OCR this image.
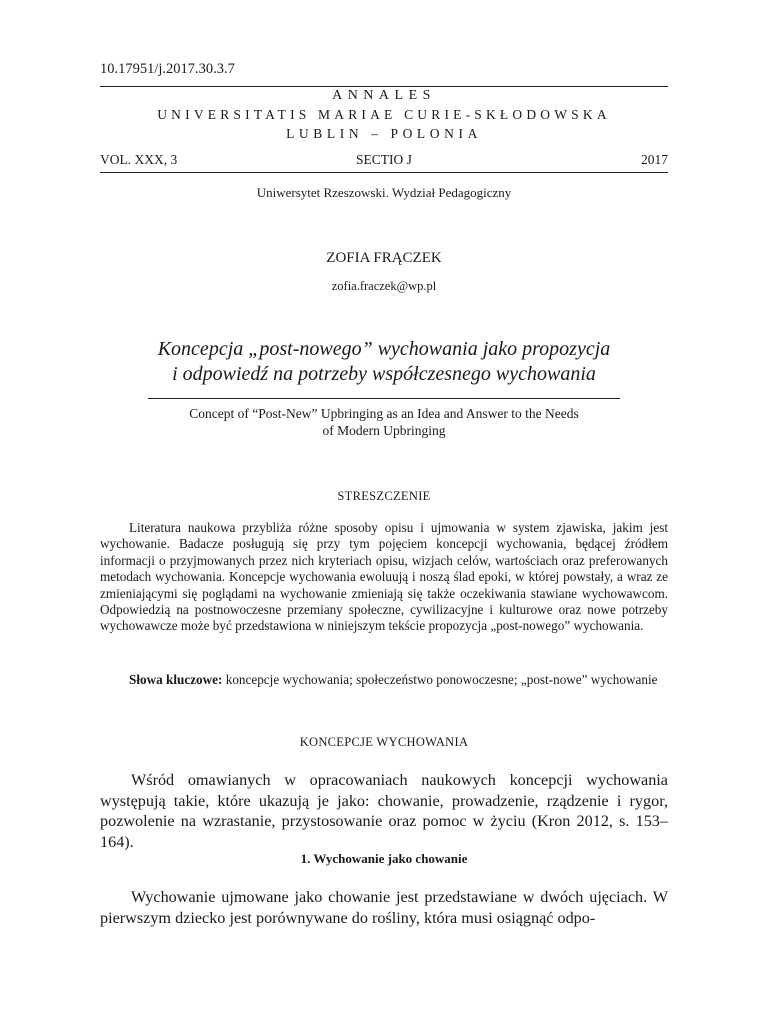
10.17951/j.2017.30.3.7
ANNALES
UNIVERSITATIS MARIAE CURIE-SKŁODOWSKA
LUBLIN – POLONIA
SECTIO J
VOL. XXX, 3	2017
Uniwersytet Rzeszowski. Wydział Pedagogiczny
ZOFIA FRĄCZEK
zofia.fraczek@wp.pl
Koncepcja „post-nowego” wychowania jako propozycja
i odpowiedź na potrzeby współczesnego wychowania
Concept of “Post-New” Upbringing as an Idea and Answer to the Needs
of Modern Upbringing
STRESZCZENIE

Literatura naukowa przybliża różne sposoby opisu i ujmowania w system zjawiska, jakim jest wychowanie. Badacze posługują się przy tym pojęciem koncepcji wychowania, będącej źródłem informacji o przyjmowanych przez nich kryteriach opisu, wizjach celów, wartościach oraz preferowanych metodach wychowania. Koncepcje wychowania ewoluują i noszą ślad epoki, w której powstały, a wraz ze zmieniającymi się poglądami na wychowanie zmieniają się także oczekiwania stawiane wychowawcom. Odpowiedzią na postnowoczesne przemiany społeczne, cywilizacyjne i kulturowe oraz nowe potrzeby wychowawcze może być przedstawiona w niniejszym tekście propozycja „post-nowego” wychowania.

Słowa kluczowe: koncepcje wychowania; społeczeństwo ponowoczesne; „post-nowe” wychowanie

KONCEPCJE WYCHOWANIA

Wśród omawianych w opracowaniach naukowych koncepcji wychowania występują takie, które ukazują je jako: chowanie, prowadzenie, rządzenie i rygor, pozwolenie na wzrastanie, przystosowanie oraz pomoc w życiu (Kron 2012, s. 153–164).

1. Wychowanie jako chowanie

Wychowanie ujmowane jako chowanie jest przedstawiane w dwóch ujęciach. W pierwszym dziecko jest porównywane do rośliny, która musi osiągnąć odpo-
